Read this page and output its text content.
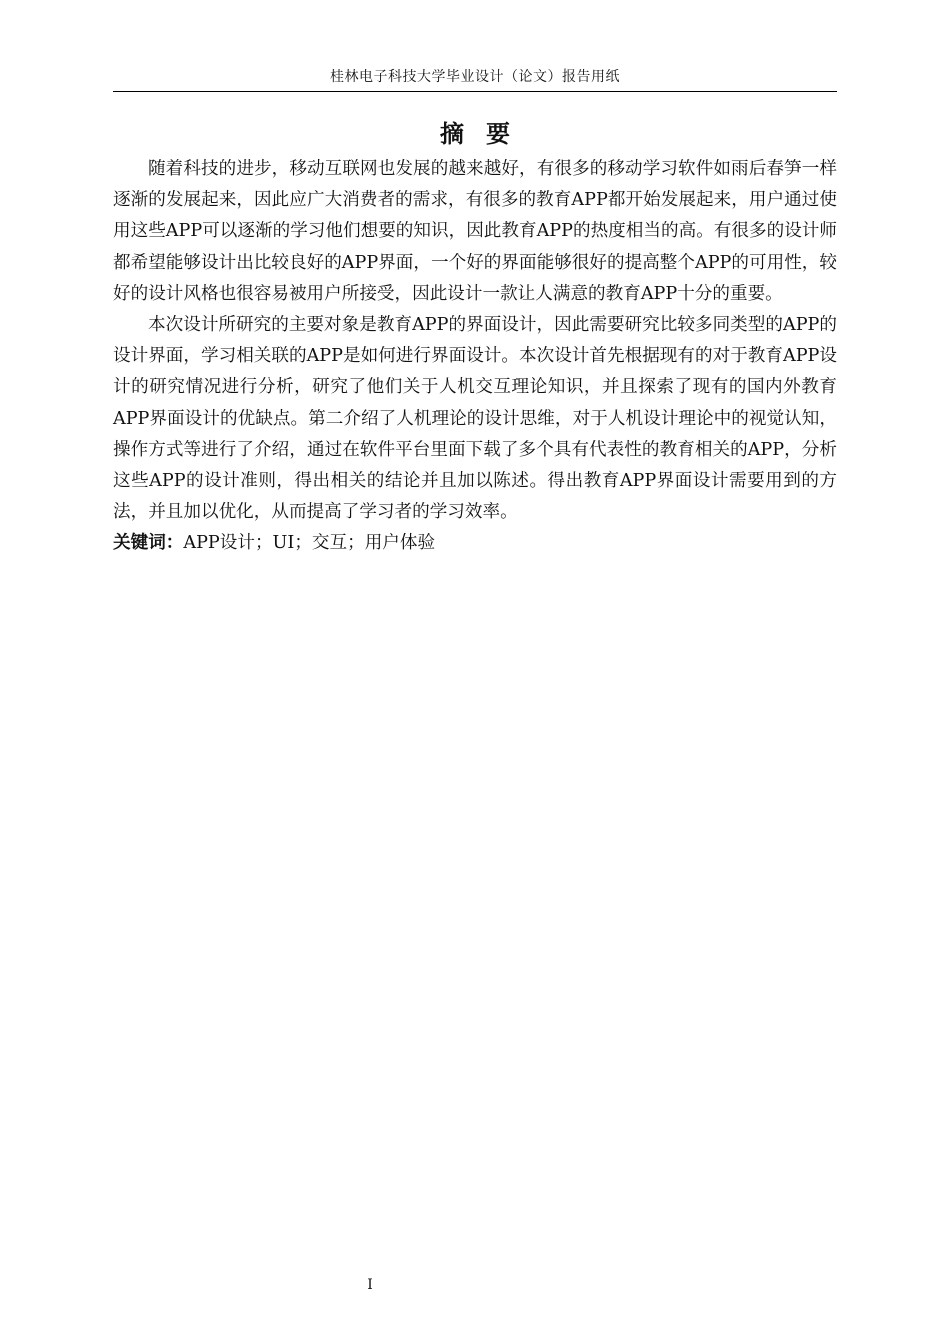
桂林电子科技大学毕业设计（论文）报告用纸
摘要

随着科技的进步，移动互联网也发展的越来越好，有很多的移动学习软件如雨后春笋一样逐渐的发展起来，因此应广大消费者的需求，有很多的教育APP都开始发展起来，用户通过使用这些APP可以逐渐的学习他们想要的知识，因此教育APP的热度相当的高。有很多的设计师都希望能够设计出比较良好的APP界面，一个好的界面能够很好的提高整个APP的可用性，较好的设计风格也很容易被用户所接受，因此设计一款让人满意的教育APP十分的重要。

本次设计所研究的主要对象是教育APP的界面设计，因此需要研究比较多同类型的APP的设计界面，学习相关联的APP是如何进行界面设计。本次设计首先根据现有的对于教育APP设计的研究情况进行分析，研究了他们关于人机交互理论知识，并且探索了现有的国内外教育APP界面设计的优缺点。第二介绍了人机理论的设计思维，对于人机设计理论中的视觉认知，操作方式等进行了介绍，通过在软件平台里面下载了多个具有代表性的教育相关的APP，分析这些APP的设计准则，得出相关的结论并且加以陈述。得出教育APP界面设计需要用到的方法，并且加以优化，从而提高了学习者的学习效率。

关键词：APP设计；UI；交互；用户体验

I
